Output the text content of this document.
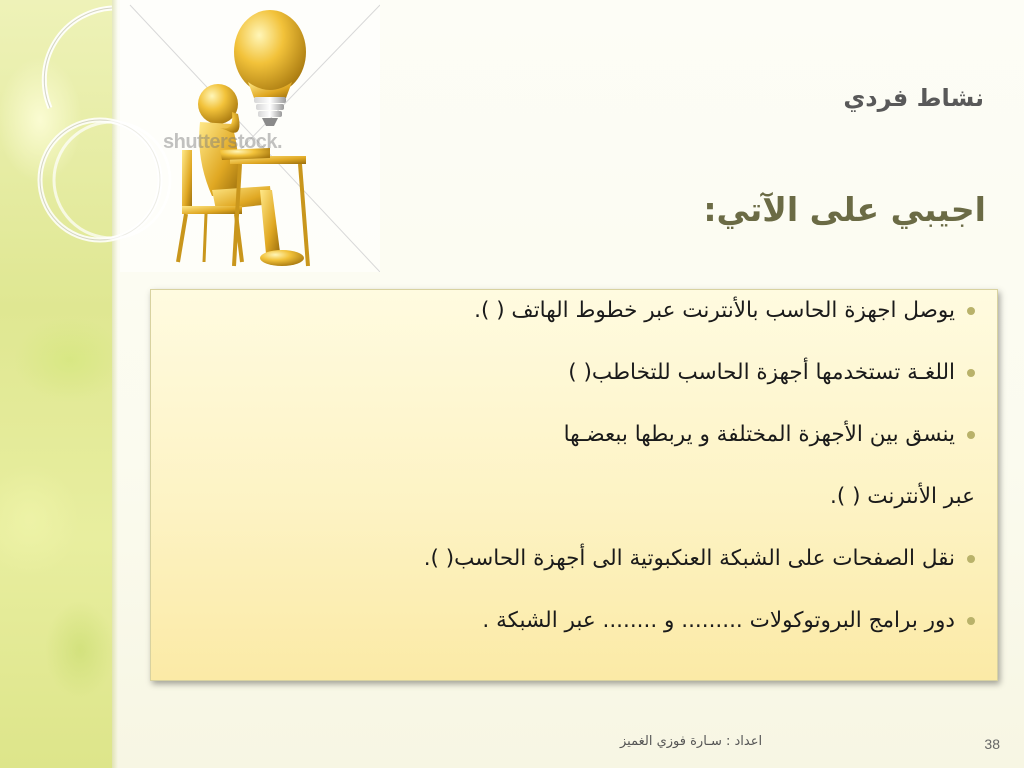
shutterstock.
نشاط فردي
اجيبي على الآتي:
يوصل اجهزة الحاسب بالأنترنت عبر خطوط الهاتف ( ).
اللغـة تستخدمها أجهزة الحاسب للتخاطب( )
ينسق بين الأجهزة المختلفة و يربطها ببعضـها
عبر الأنترنت ( ).
نقل الصفحات على الشبكة العنكبوتية الى أجهزة الحاسب( ).
دور برامج البروتوكولات ......... و ........ عبر الشبكة .
اعداد : سـارة فوزي الغميز	38
